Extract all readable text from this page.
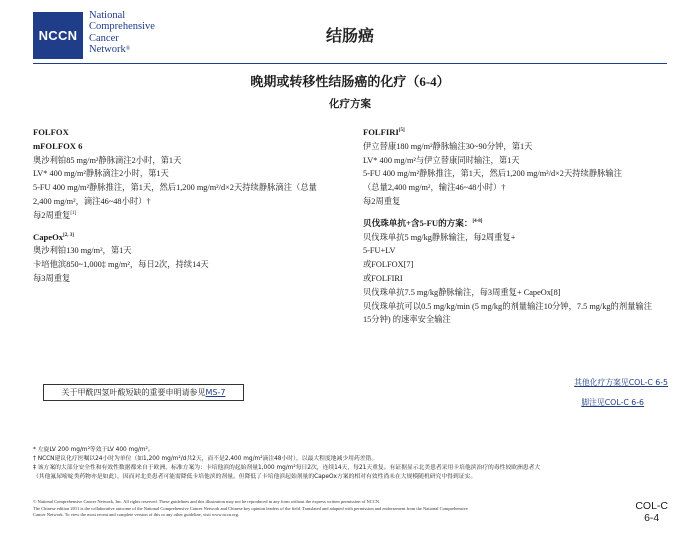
NCCN
National
Comprehensive
Cancer
Network®
结肠癌
晚期或转移性结肠癌的化疗（6-4）
化疗方案
FOLFOX
mFOLFOX 6
奥沙利铂85 mg/m²静脉滴注2小时，第1天
LV* 400 mg/m²静脉滴注2小时，第1天
5-FU 400 mg/m²静脉推注，第1天，然后1,200 mg/m²/d×2天持续静脉滴注（总量
2,400 mg/m²，滴注46~48小时）†
每2周重复[1]
CapeOx[2, 3]
奥沙利铂130 mg/m²，第1天
卡培他滨850~1,000‡ mg/m²，每日2次，持续14天
每3周重复
FOLFIRI[5]
伊立替康180 mg/m²静脉输注30~90分钟，第1天
LV* 400 mg/m²与伊立替康同时输注，第1天
5-FU 400 mg/m²静脉推注，第1天，然后1,200 mg/m²/d×2天持续静脉输注
（总量2,400 mg/m²，输注46~48小时）†
每2周重复
贝伐珠单抗+含5-FU的方案：[4-8]
贝伐珠单抗5 mg/kg静脉输注，每2周重复+
5-FU+LV
或FOLFOX[7]
或FOLFIRI
贝伐珠单抗7.5 mg/kg静脉输注，每3周重复+ CapeOx[8]
贝伐珠单抗可以0.5 mg/kg/min (5 mg/kg的剂量输注10分钟，7.5 mg/kg的剂量输注
15分钟) 的速率安全输注
关于甲酰四氢叶酸短缺的重要申明请参见 MS-7
其他化疗方案见COL-C 6-5
脚注见COL-C 6-6
* 左旋LV 200 mg/m²等效于LV 400 mg/m²。
† NCCN建议化疗医嘱以24小时为单位（如1,200 mg/m²/d共2天，而不是2,400 mg/m²滴注48小时），以最大程度地减少用药差错。
‡ 该方案的大部分安全性和有效性数据都来自于欧洲，标准方案为：卡培他滨的起始剂量1,000 mg/m²每日2次，连续14天，每21天重复。有证据显示北美患者采用卡培他滨治疗的毒性较欧洲患者大
（其他氟尿嘧啶类药物亦是如此），因而对北美患者可能需降低卡培他滨的剂量。但降低了卡培他滨起始剂量的CapeOx方案的相对有效性尚未在大规模随机研究中得到证实。
© National Comprehensive Cancer Network, Inc. All rights reserved. These guidelines and this illustration may not be reproduced in any form without the express written permission of NCCN.
The Chinese edition 2011 is the collaborative outcome of the National Comprehensive Cancer Network and Chinese key opinion leaders of the field. Translated and adapted with permission and endorsement from the National Comprehensive
Cancer Network. To view the most recent and complete version of this or any other guideline, visit www.nccn.org.
COL-C
6-4
